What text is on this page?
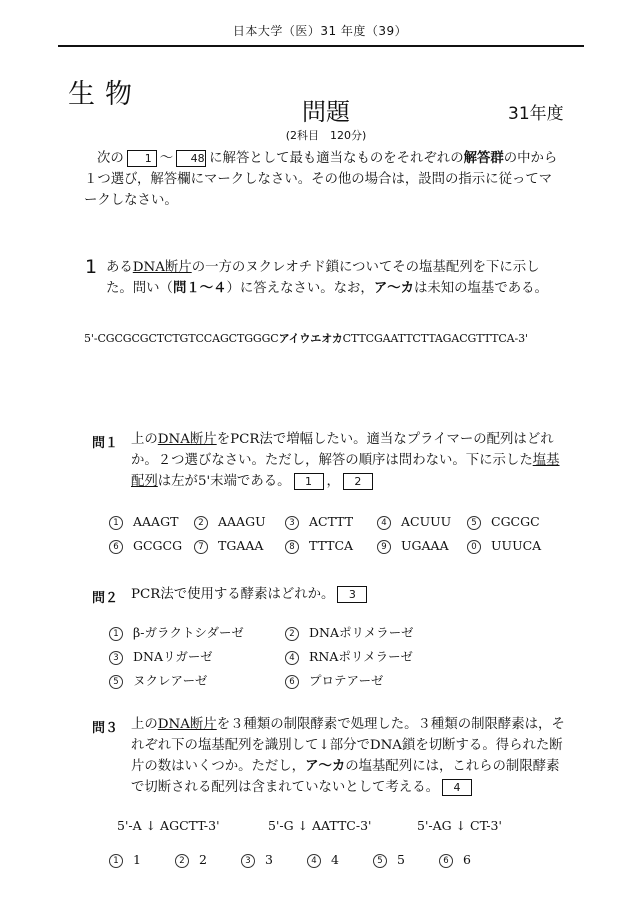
日本大学（医）31 年度（39）
生物
問題	31年度
(2科目　120分)
次の 1 〜 48 に解答として最も適当なものをそれぞれの解答群の中から１つ選び，解答欄にマークしなさい。その他の場合は，設問の指示に従ってマークしなさい。
1 あるDNA断片の一方のヌクレオチド鎖についてその塩基配列を下に示した。問い（問１〜４）に答えなさい。なお，ア〜カは未知の塩基である。
5'-CGCGCGCTCTGTCCAGCTGGGCアイウエオカCTTCGAATTCTTAGACGTTTCA-3'
問１ 上のDNA断片をPCR法で増幅したい。適当なプライマーの配列はどれか。２つ選びなさい。ただし，解答の順序は問わない。下に示した塩基配列は左が5'末端である。 1 ， 2
1 AAAGT	2 AAAGU	3 ACTTT	4 ACUUU	5 CGCGC
6 GCGCG	7 TGAAA	8 TTTCA	9 UGAAA	0 UUUCA
問２ PCR法で使用する酵素はどれか。 3
1 β-ガラクトシダーゼ	2 DNAポリメラーゼ
3 DNAリガーゼ	4 RNAポリメラーゼ
5 ヌクレアーゼ	6 プロテアーゼ
問３ 上のDNA断片を３種類の制限酵素で処理した。３種類の制限酵素は，それぞれ下の塩基配列を識別して↓部分でDNA鎖を切断する。得られた断片の数はいくつか。ただし，ア〜カの塩基配列には，これらの制限酵素で切断される配列は含まれていないとして考える。 4
5'-A ↓ AGCTT-3'	5'-G ↓ AATTC-3'	5'-AG ↓ CT-3'
1 1	2 2	3 3	4 4	5 5	6 6
